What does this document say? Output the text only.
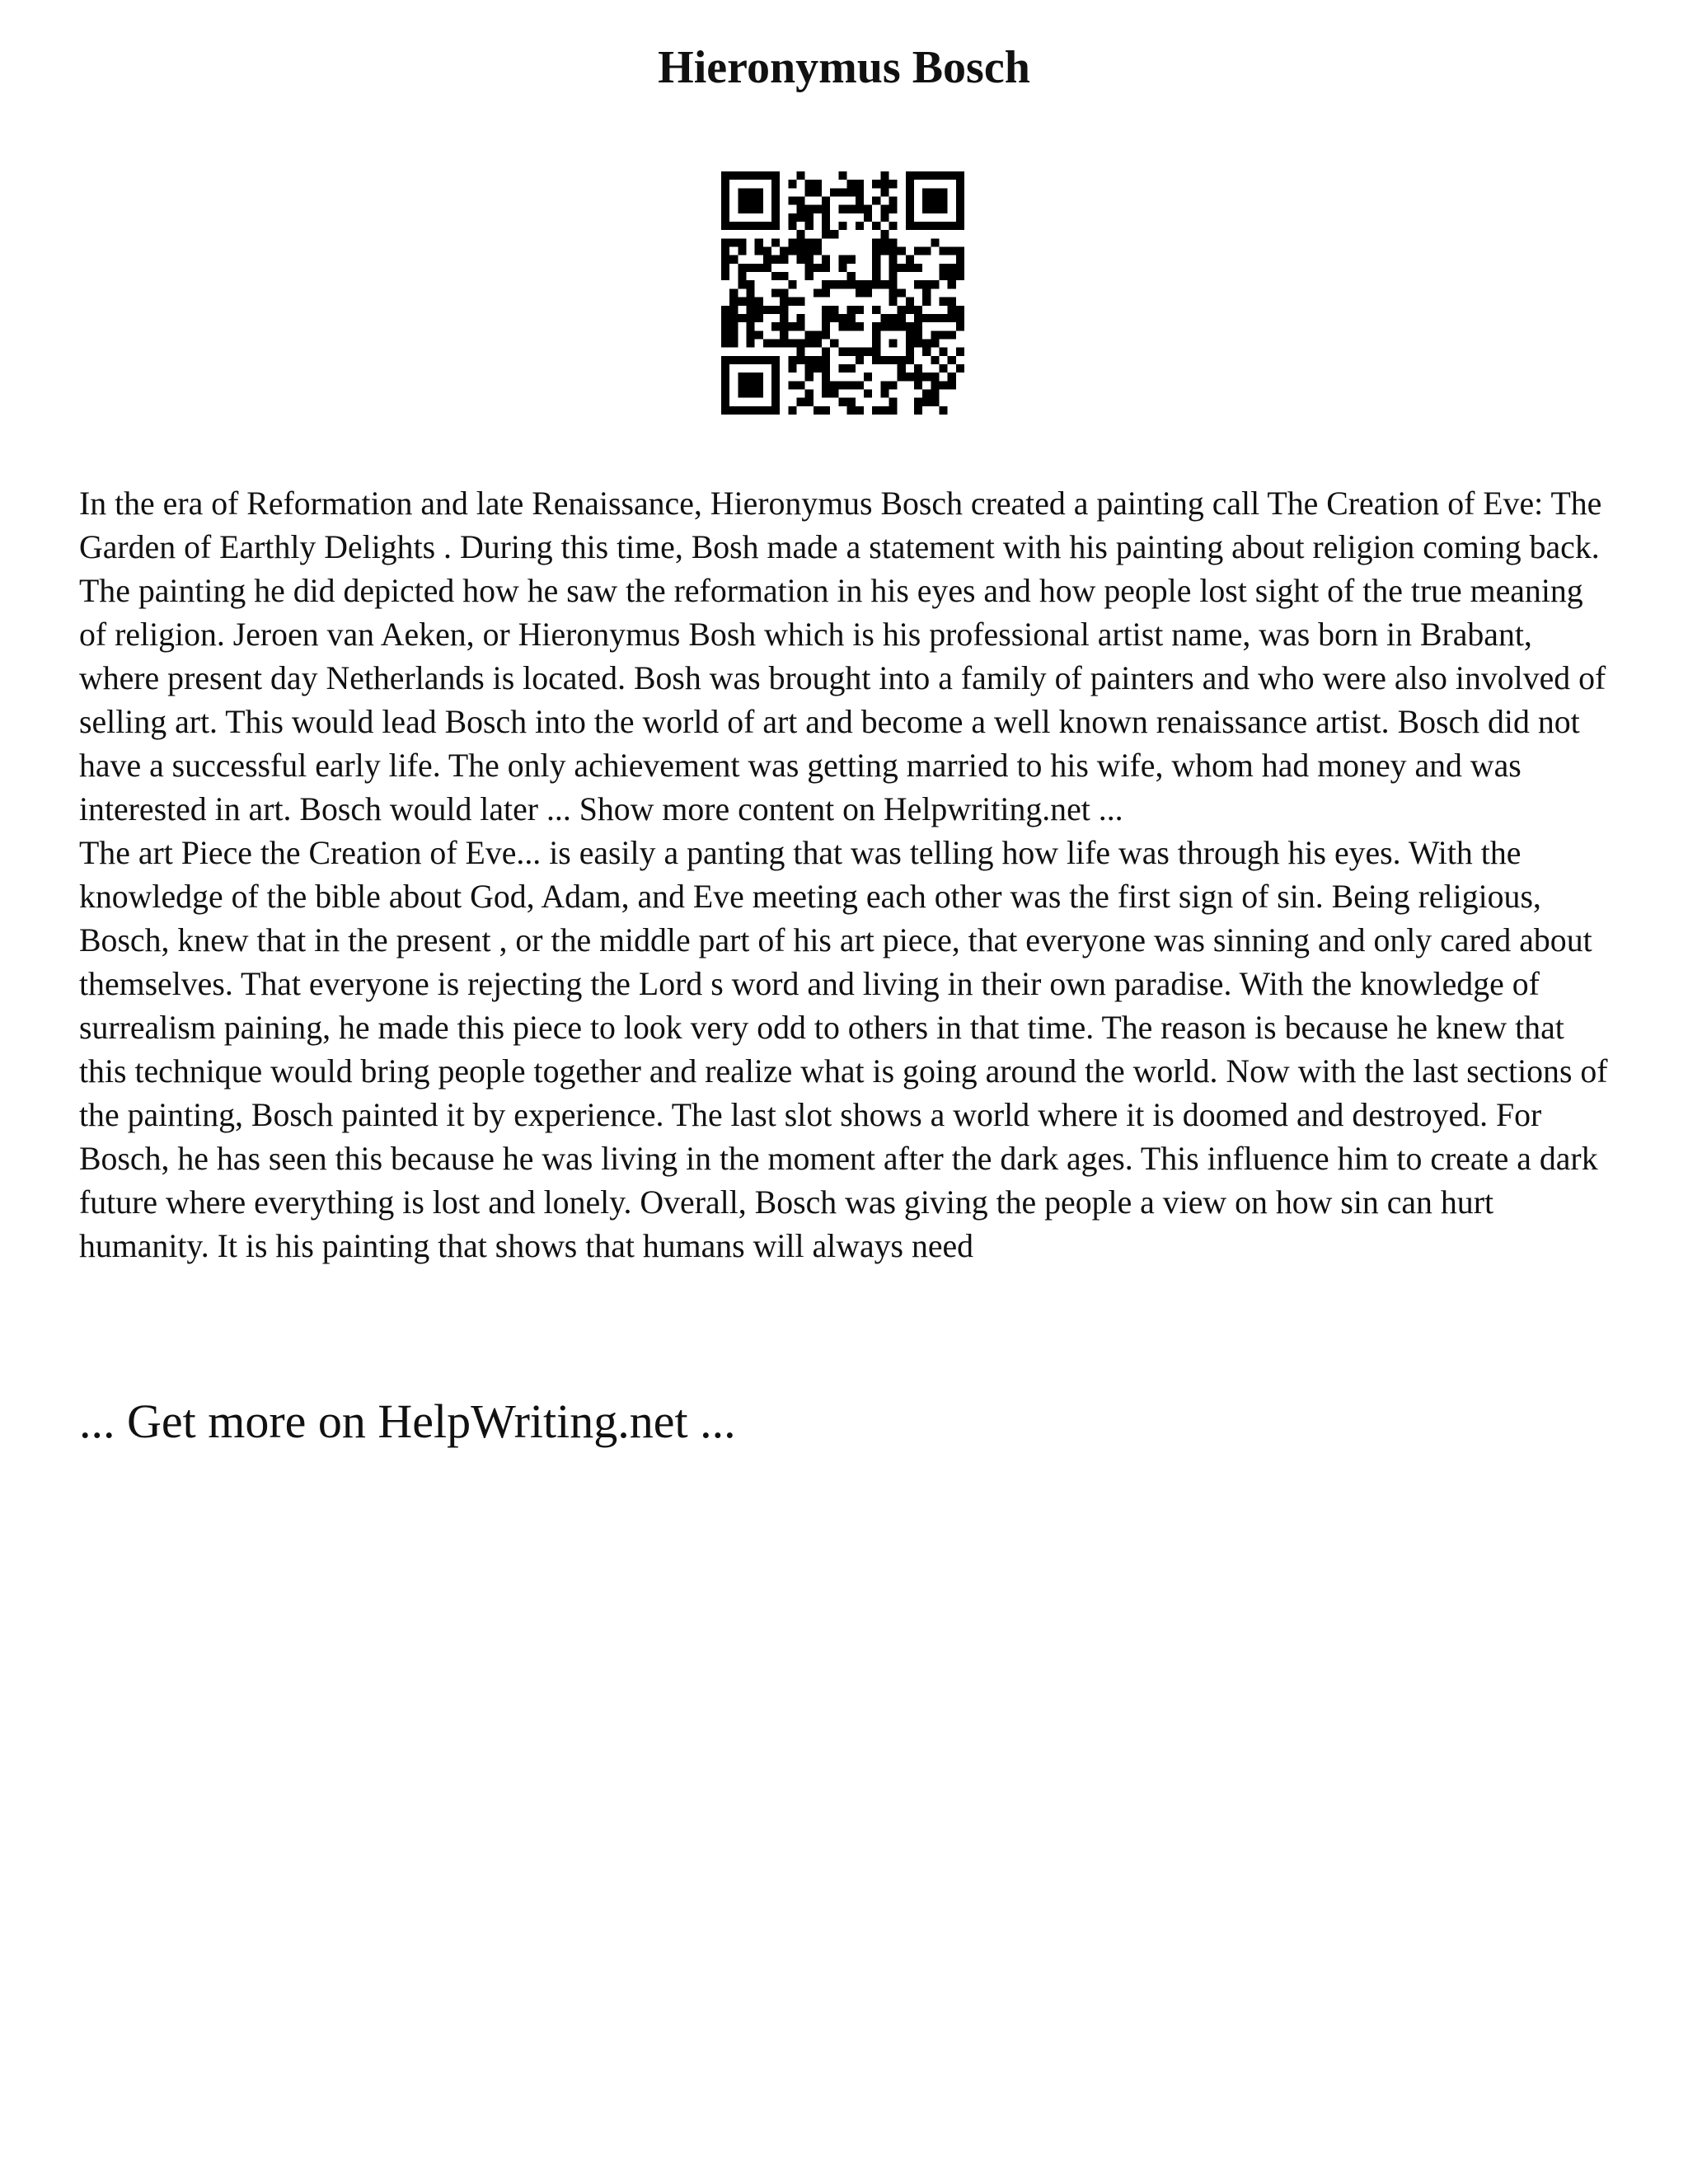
Hieronymus Bosch

In the era of Reformation and late Renaissance, Hieronymus Bosch created a painting call The Creation of Eve: The Garden of Earthly Delights . During this time, Bosh made a statement with his painting about religion coming back. The painting he did depicted how he saw the reformation in his eyes and how people lost sight of the true meaning of religion. Jeroen van Aeken, or Hieronymus Bosh which is his professional artist name, was born in Brabant, where present day Netherlands is located. Bosh was brought into a family of painters and who were also involved of selling art. This would lead Bosch into the world of art and become a well known renaissance artist. Bosch did not have a successful early life. The only achievement was getting married to his wife, whom had money and was interested in art. Bosch would later ... Show more content on Helpwriting.net ...

The art Piece the Creation of Eve... is easily a panting that was telling how life was through his eyes. With the knowledge of the bible about God, Adam, and Eve meeting each other was the first sign of sin. Being religious, Bosch, knew that in the present , or the middle part of his art piece, that everyone was sinning and only cared about themselves. That everyone is rejecting the Lord s word and living in their own paradise. With the knowledge of surrealism paining, he made this piece to look very odd to others in that time. The reason is because he knew that this technique would bring people together and realize what is going around the world. Now with the last sections of the painting, Bosch painted it by experience. The last slot shows a world where it is doomed and destroyed. For Bosch, he has seen this because he was living in the moment after the dark ages. This influence him to create a dark future where everything is lost and lonely. Overall, Bosch was giving the people a view on how sin can hurt humanity. It is his painting that shows that humans will always need

... Get more on HelpWriting.net ...
